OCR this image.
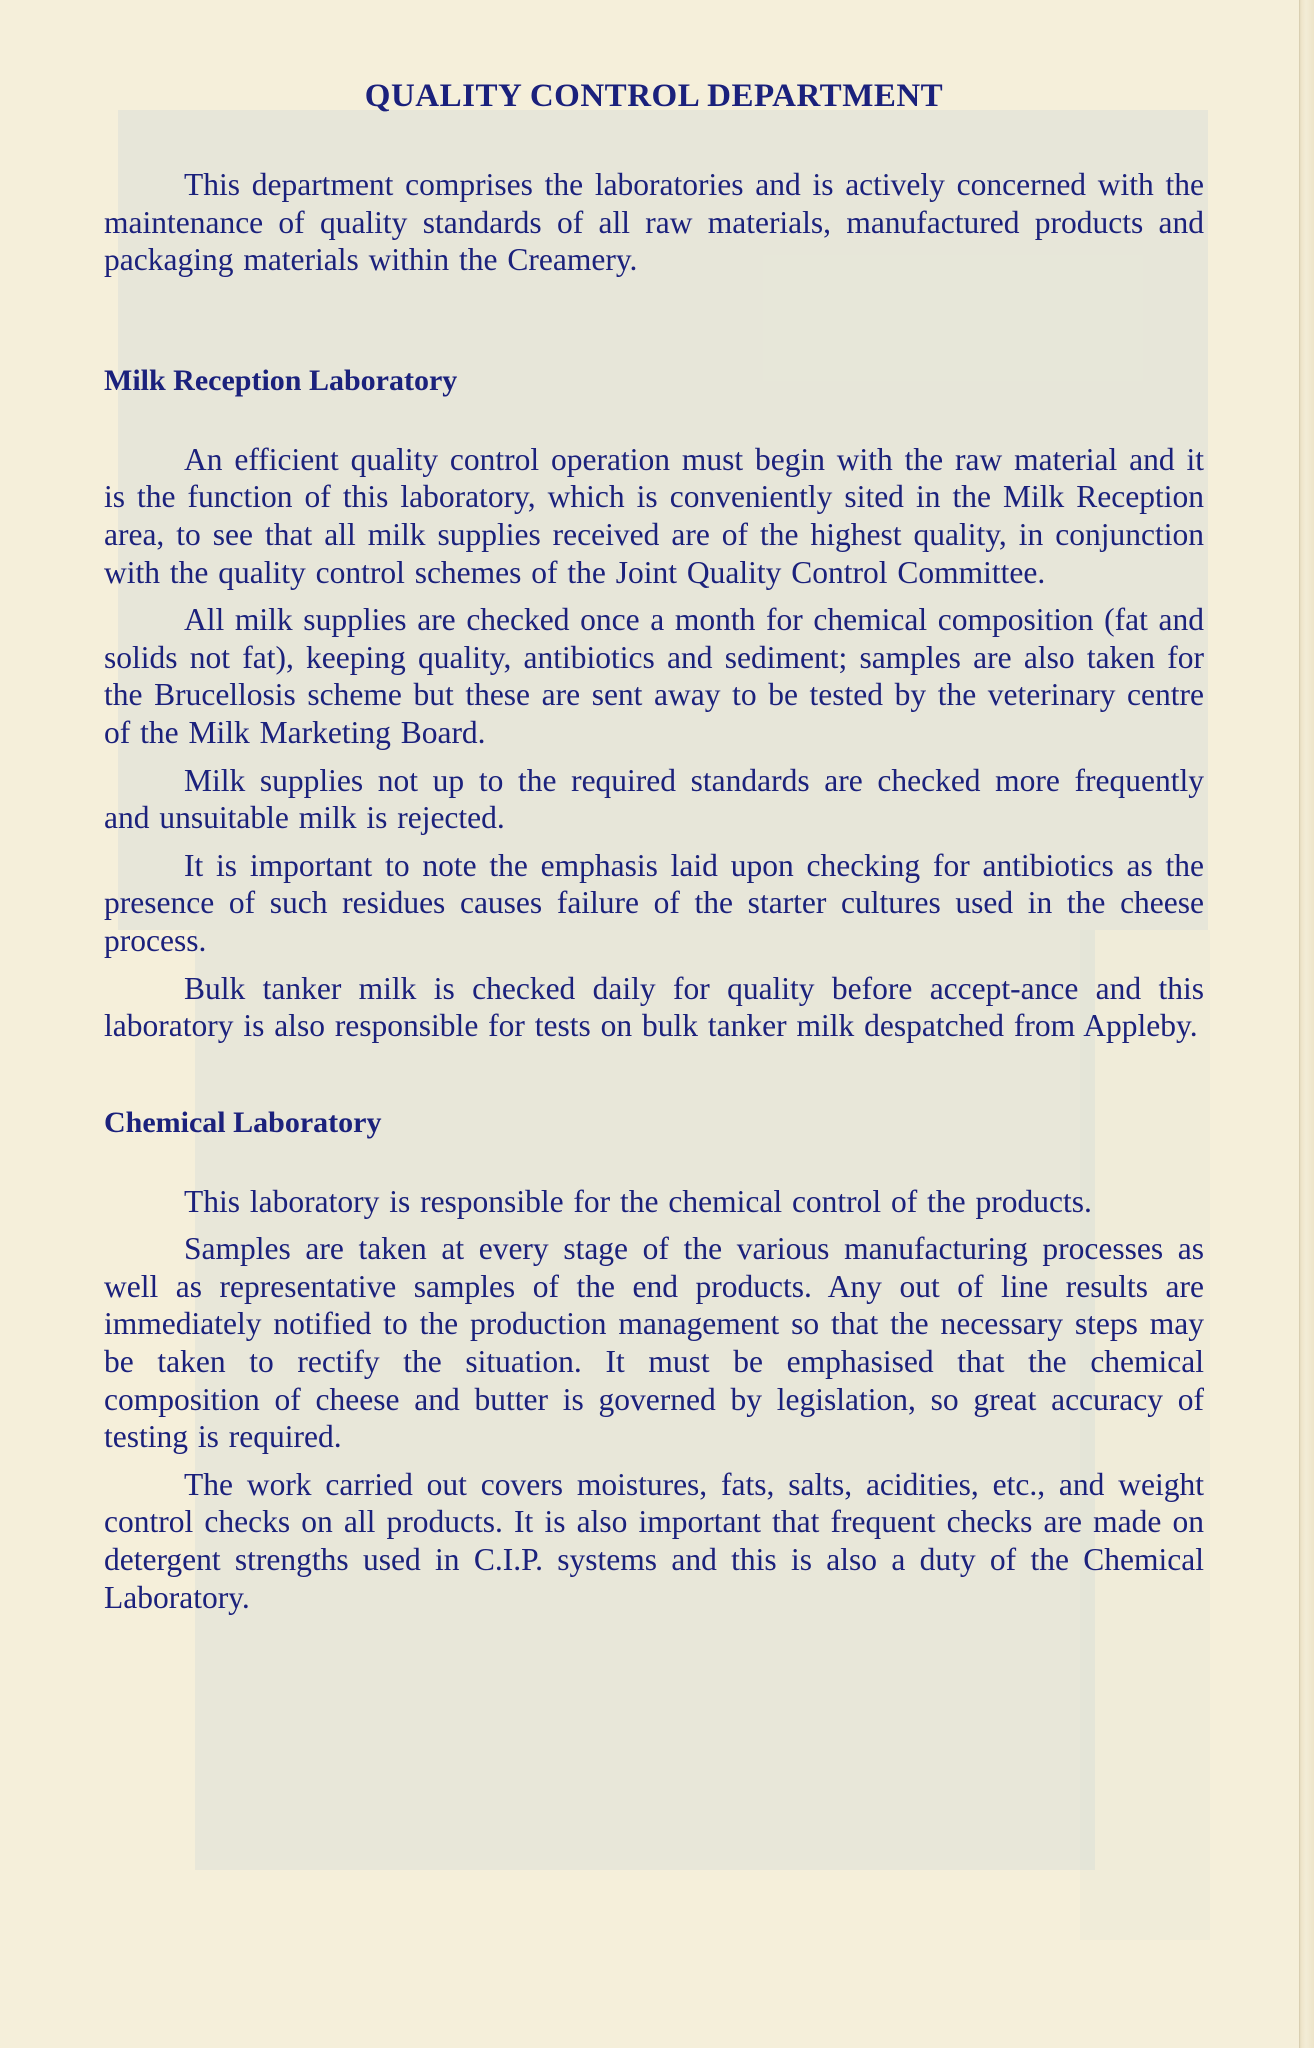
QUALITY CONTROL DEPARTMENT

This department comprises the laboratories and is actively concerned with the maintenance of quality standards of all raw materials, manufactured products and packaging materials within the Creamery.

Milk Reception Laboratory

An efficient quality control operation must begin with the raw material and it is the function of this laboratory, which is conveniently sited in the Milk Reception area, to see that all milk supplies received are of the highest quality, in conjunction with the quality control schemes of the Joint Quality Control Committee.

All milk supplies are checked once a month for chemical composition (fat and solids not fat), keeping quality, antibiotics and sediment; samples are also taken for the Brucellosis scheme but these are sent away to be tested by the veterinary centre of the Milk Marketing Board.

Milk supplies not up to the required standards are checked more frequently and unsuitable milk is rejected.

It is important to note the emphasis laid upon checking for antibiotics as the presence of such residues causes failure of the starter cultures used in the cheese process.

Bulk tanker milk is checked daily for quality before accept-ance and this laboratory is also responsible for tests on bulk tanker milk despatched from Appleby.

Chemical Laboratory

This laboratory is responsible for the chemical control of the products.

Samples are taken at every stage of the various manufacturing processes as well as representative samples of the end products. Any out of line results are immediately notified to the production management so that the necessary steps may be taken to rectify the situation. It must be emphasised that the chemical composition of cheese and butter is governed by legislation, so great accuracy of testing is required.

The work carried out covers moistures, fats, salts, acidities, etc., and weight control checks on all products. It is also important that frequent checks are made on detergent strengths used in C.I.P. systems and this is also a duty of the Chemical Laboratory.
